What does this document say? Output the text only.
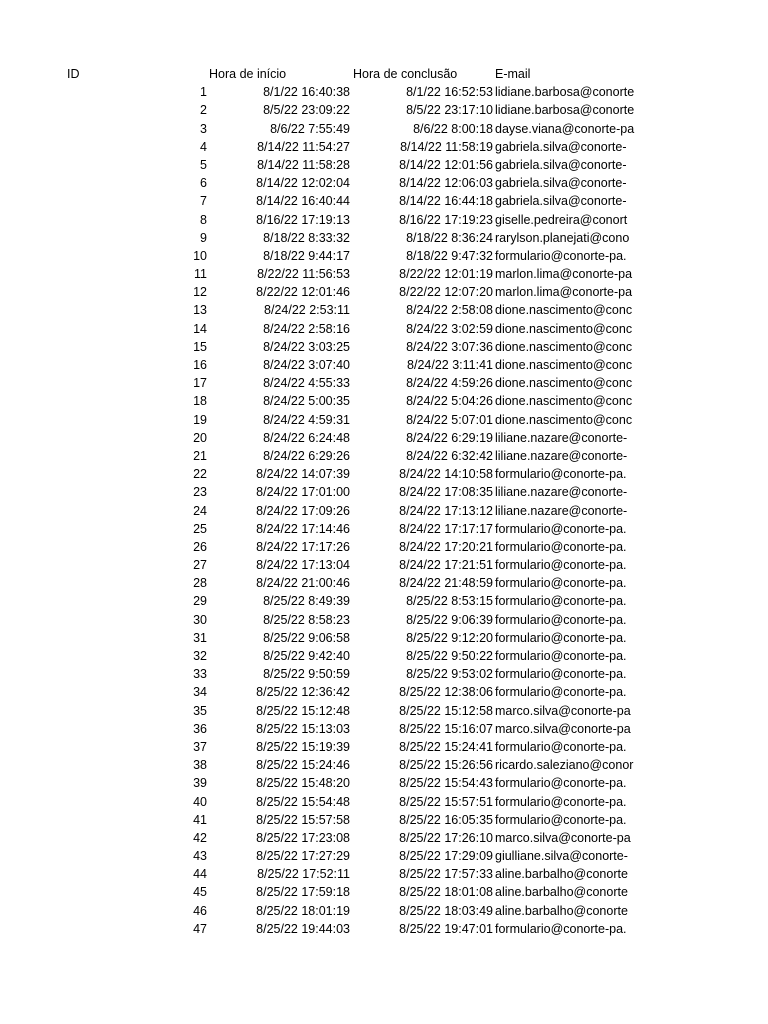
ID	Hora de início	Hora de conclusão	E-mail
1	8/1/22 16:40:38	8/1/22 16:52:53 lidiane.barbosa@conorte
2	8/5/22 23:09:22	8/5/22 23:17:10 lidiane.barbosa@conorte
3	8/6/22 7:55:49	8/6/22 8:00:18 dayse.viana@conorte-pa
4	8/14/22 11:54:27	8/14/22 11:58:19 gabriela.silva@conorte-
5	8/14/22 11:58:28	8/14/22 12:01:56 gabriela.silva@conorte-
6	8/14/22 12:02:04	8/14/22 12:06:03 gabriela.silva@conorte-
7	8/14/22 16:40:44	8/14/22 16:44:18 gabriela.silva@conorte-
8	8/16/22 17:19:13	8/16/22 17:19:23 giselle.pedreira@conort
9	8/18/22 8:33:32	8/18/22 8:36:24 rarylson.planejati@cono
10	8/18/22 9:44:17	8/18/22 9:47:32 formulario@conorte-pa.
11	8/22/22 11:56:53	8/22/22 12:01:19 marlon.lima@conorte-pa
12	8/22/22 12:01:46	8/22/22 12:07:20 marlon.lima@conorte-pa
13	8/24/22 2:53:11	8/24/22 2:58:08 dione.nascimento@conc
14	8/24/22 2:58:16	8/24/22 3:02:59 dione.nascimento@conc
15	8/24/22 3:03:25	8/24/22 3:07:36 dione.nascimento@conc
16	8/24/22 3:07:40	8/24/22 3:11:41 dione.nascimento@conc
17	8/24/22 4:55:33	8/24/22 4:59:26 dione.nascimento@conc
18	8/24/22 5:00:35	8/24/22 5:04:26 dione.nascimento@conc
19	8/24/22 4:59:31	8/24/22 5:07:01 dione.nascimento@conc
20	8/24/22 6:24:48	8/24/22 6:29:19 liliane.nazare@conorte-
21	8/24/22 6:29:26	8/24/22 6:32:42 liliane.nazare@conorte-
22	8/24/22 14:07:39	8/24/22 14:10:58 formulario@conorte-pa.
23	8/24/22 17:01:00	8/24/22 17:08:35 liliane.nazare@conorte-
24	8/24/22 17:09:26	8/24/22 17:13:12 liliane.nazare@conorte-
25	8/24/22 17:14:46	8/24/22 17:17:17 formulario@conorte-pa.
26	8/24/22 17:17:26	8/24/22 17:20:21 formulario@conorte-pa.
27	8/24/22 17:13:04	8/24/22 17:21:51 formulario@conorte-pa.
28	8/24/22 21:00:46	8/24/22 21:48:59 formulario@conorte-pa.
29	8/25/22 8:49:39	8/25/22 8:53:15 formulario@conorte-pa.
30	8/25/22 8:58:23	8/25/22 9:06:39 formulario@conorte-pa.
31	8/25/22 9:06:58	8/25/22 9:12:20 formulario@conorte-pa.
32	8/25/22 9:42:40	8/25/22 9:50:22 formulario@conorte-pa.
33	8/25/22 9:50:59	8/25/22 9:53:02 formulario@conorte-pa.
34	8/25/22 12:36:42	8/25/22 12:38:06 formulario@conorte-pa.
35	8/25/22 15:12:48	8/25/22 15:12:58 marco.silva@conorte-pa
36	8/25/22 15:13:03	8/25/22 15:16:07 marco.silva@conorte-pa
37	8/25/22 15:19:39	8/25/22 15:24:41 formulario@conorte-pa.
38	8/25/22 15:24:46	8/25/22 15:26:56 ricardo.saleziano@conor
39	8/25/22 15:48:20	8/25/22 15:54:43 formulario@conorte-pa.
40	8/25/22 15:54:48	8/25/22 15:57:51 formulario@conorte-pa.
41	8/25/22 15:57:58	8/25/22 16:05:35 formulario@conorte-pa.
42	8/25/22 17:23:08	8/25/22 17:26:10 marco.silva@conorte-pa
43	8/25/22 17:27:29	8/25/22 17:29:09 giulliane.silva@conorte-
44	8/25/22 17:52:11	8/25/22 17:57:33 aline.barbalho@conorte
45	8/25/22 17:59:18	8/25/22 18:01:08 aline.barbalho@conorte
46	8/25/22 18:01:19	8/25/22 18:03:49 aline.barbalho@conorte
47	8/25/22 19:44:03	8/25/22 19:47:01 formulario@conorte-pa.
